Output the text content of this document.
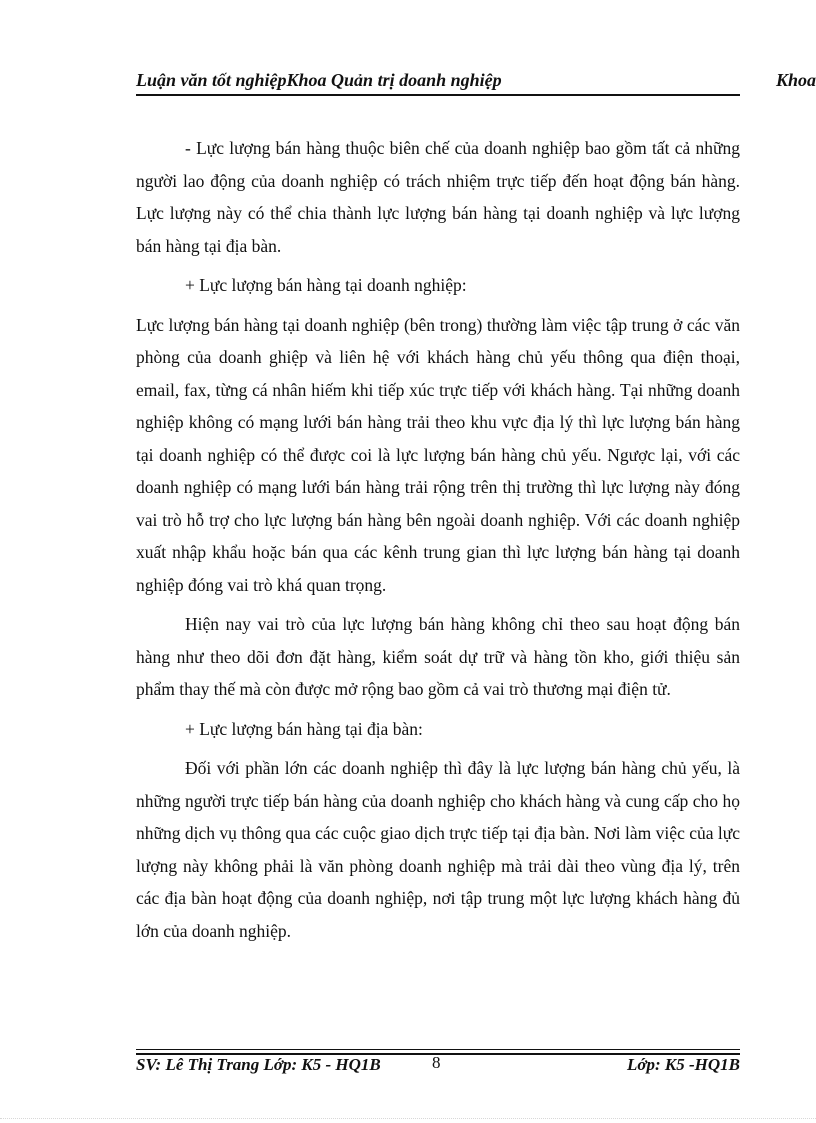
Luận văn tốt nghiệpKhoa Quản trị doanh nghiệp	Khoa

- Lực lượng bán hàng thuộc biên chế của doanh nghiệp bao gồm tất cả những người lao động của doanh nghiệp có trách nhiệm trực tiếp đến hoạt động bán hàng. Lực lượng này có thể chia thành lực lượng bán hàng tại doanh nghiệp và lực lượng bán hàng tại địa bàn.

+ Lực lượng bán hàng tại doanh nghiệp:

Lực lượng bán hàng tại doanh nghiệp (bên trong) thường làm việc tập trung ở các văn phòng của doanh ghiệp và liên hệ với khách hàng chủ yếu thông qua điện thoại, email, fax, từng cá nhân hiếm khi tiếp xúc trực tiếp với khách hàng. Tại những doanh nghiệp không có mạng lưới bán hàng trải theo khu vực địa lý thì lực lượng bán hàng tại doanh nghiệp có thể được coi là lực lượng bán hàng chủ yếu. Ngược lại, với các doanh nghiệp có mạng lưới bán hàng trải rộng trên thị trường thì lực lượng này đóng vai trò hỗ trợ cho lực lượng bán hàng bên ngoài doanh nghiệp. Với các doanh nghiệp xuất nhập khẩu hoặc bán qua các kênh trung gian thì lực lượng bán hàng tại doanh nghiệp đóng vai trò khá quan trọng.

Hiện nay vai trò của lực lượng bán hàng không chỉ theo sau hoạt động bán hàng như theo dõi đơn đặt hàng, kiểm soát dự trữ và hàng tồn kho, giới thiệu sản phẩm thay thế mà còn được mở rộng bao gồm cả vai trò thương mại điện tử.

+ Lực lượng bán hàng tại địa bàn:

Đối với phần lớn các doanh nghiệp thì đây là lực lượng bán hàng chủ yếu, là những người trực tiếp bán hàng của doanh nghiệp cho khách hàng và cung cấp cho họ những dịch vụ thông qua các cuộc giao dịch trực tiếp tại địa bàn. Nơi làm việc của lực lượng này không phải là văn phòng doanh nghiệp mà trải dài theo vùng địa lý, trên các địa bàn hoạt động của doanh nghiệp, nơi tập trung một lực lượng khách hàng đủ lớn của doanh nghiệp.

SV: Lê Thị Trang Lớp: K5 - HQ1B	8	Lớp: K5 -HQ1B
